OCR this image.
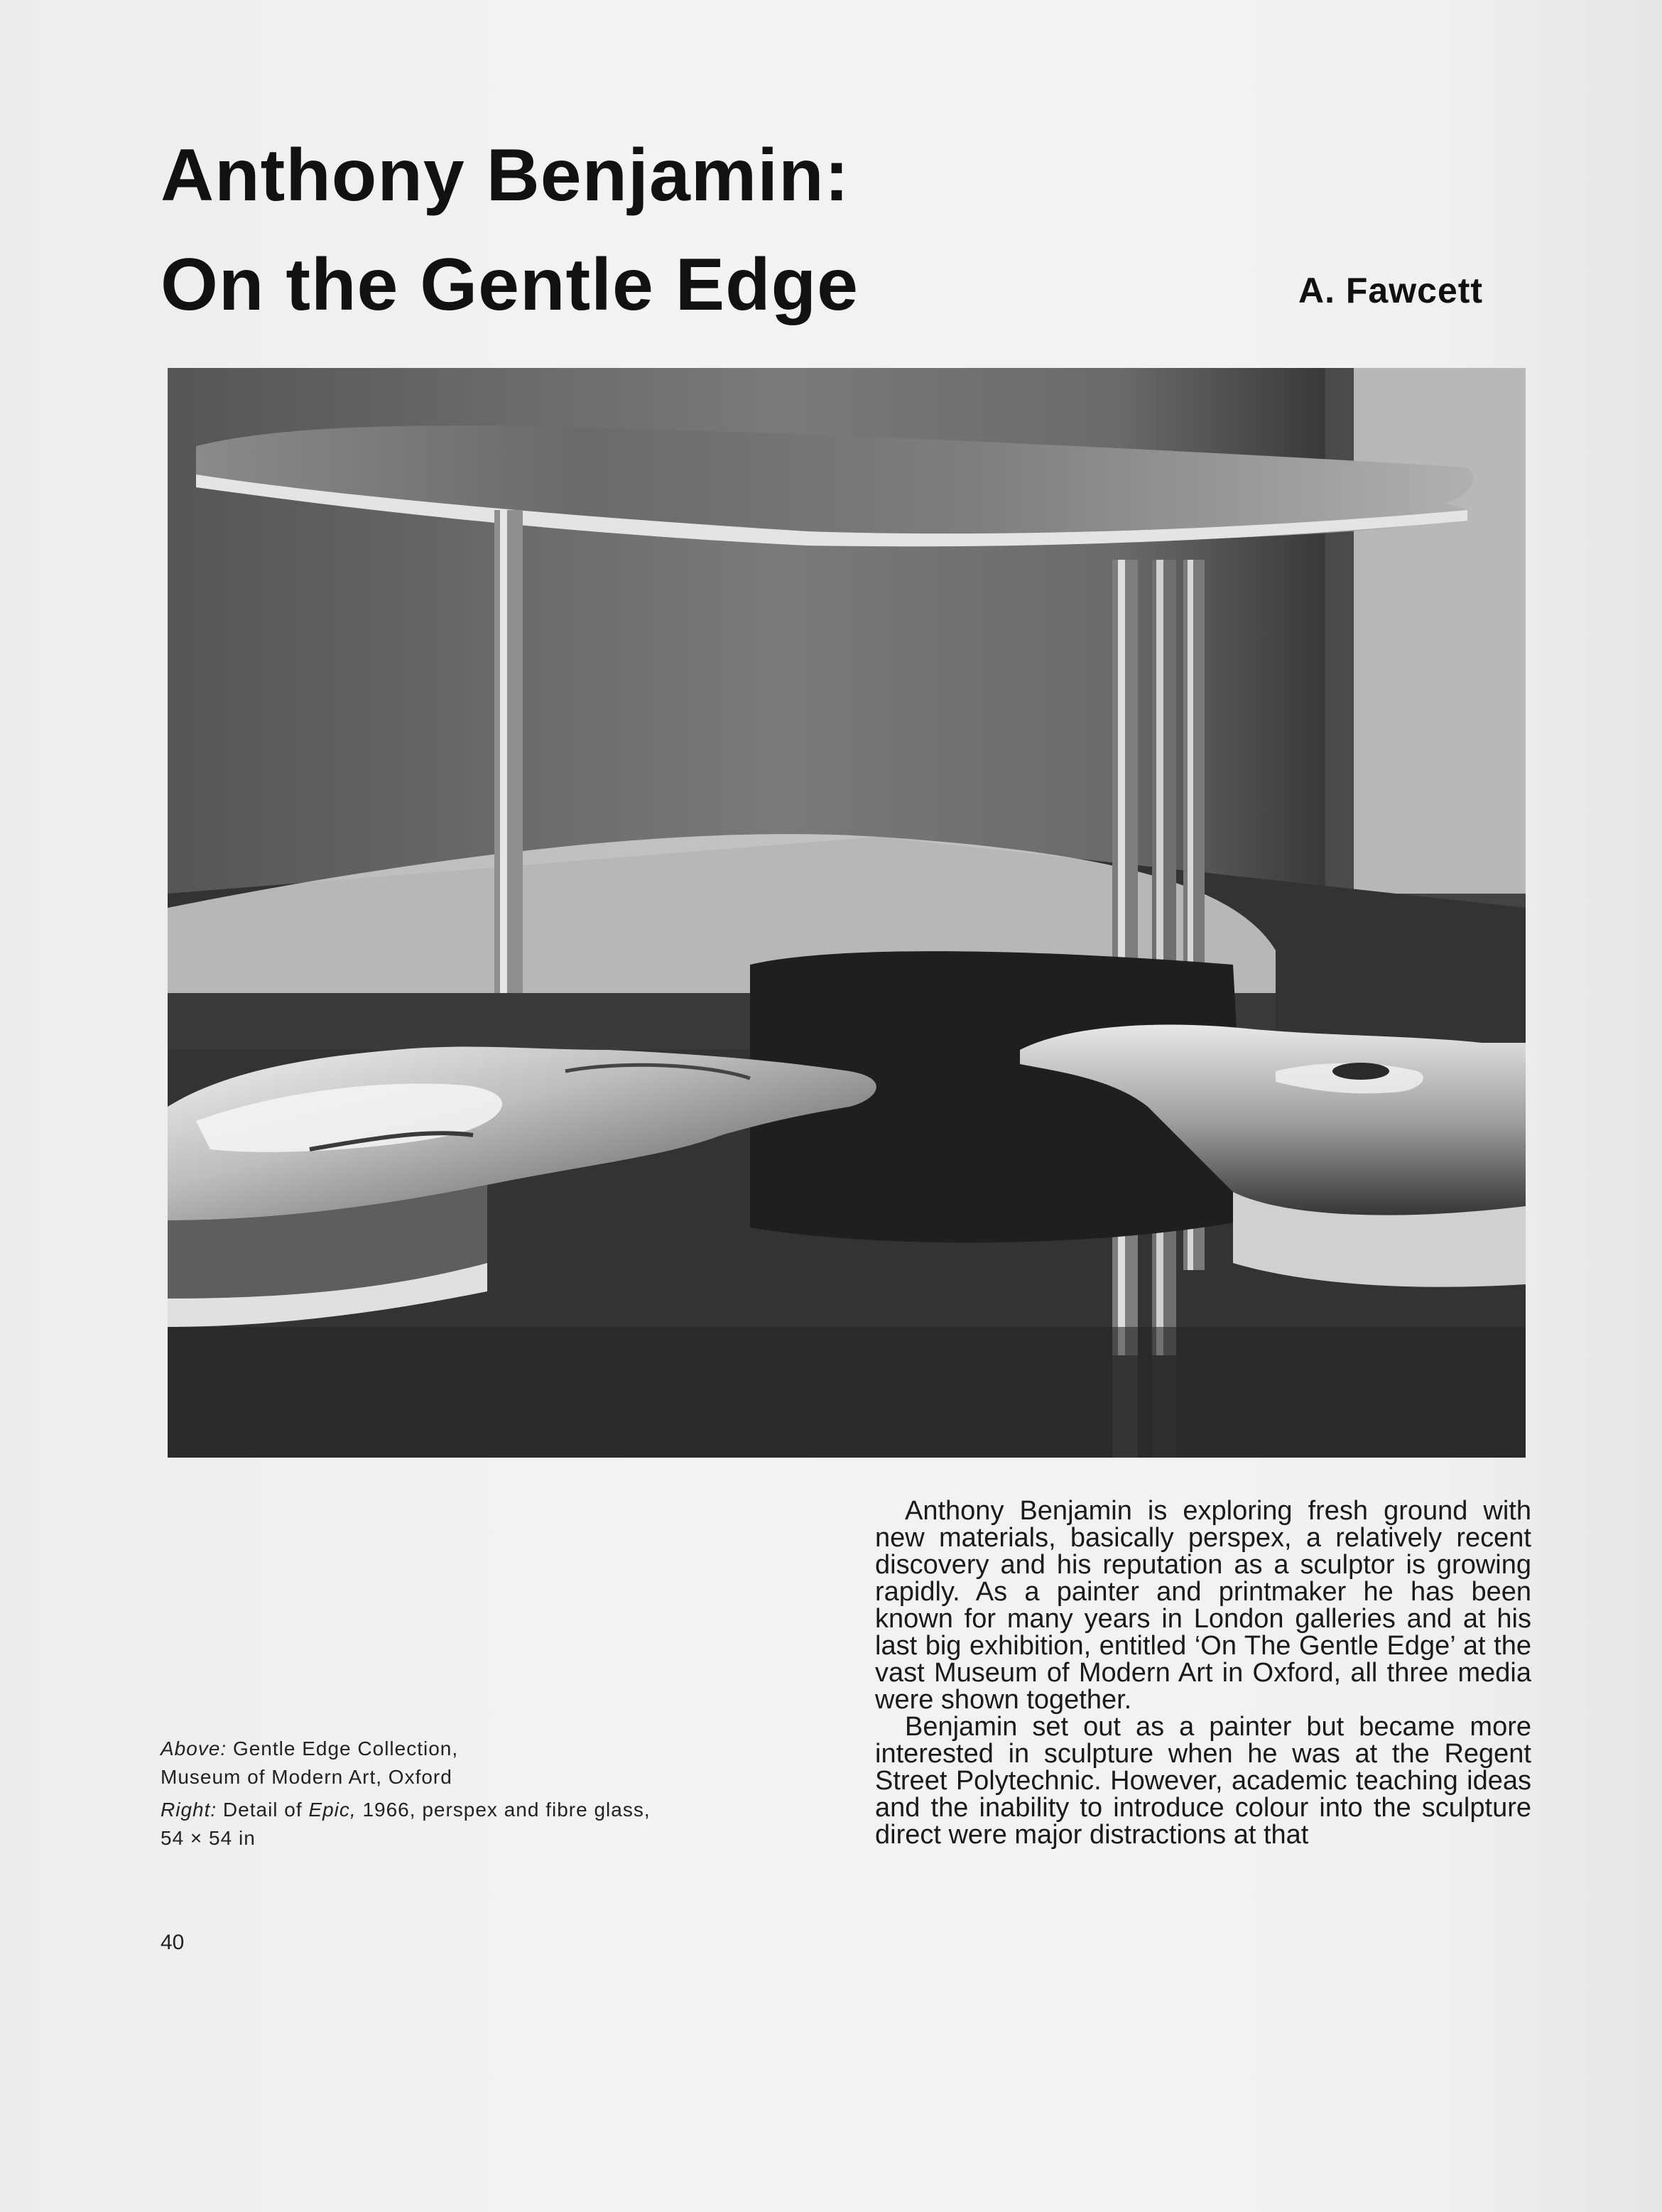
Anthony Benjamin:
On the Gentle Edge	A. Fawcett

Above: Gentle Edge Collection,
Museum of Modern Art, Oxford

Right: Detail of Epic, 1966, perspex and fibre glass,
54 × 54 in

40

Anthony Benjamin is exploring fresh ground with new materials, basically perspex, a relatively recent discovery and his reputation as a sculptor is growing rapidly. As a painter and printmaker he has been known for many years in London galleries and at his last big exhibition, entitled ‘On The Gentle Edge’ at the vast Museum of Modern Art in Oxford, all three media were shown together.

Benjamin set out as a painter but became more interested in sculpture when he was at the Regent Street Polytechnic. However, academic teaching ideas and the inability to introduce colour into the sculpture direct were major distractions at that
